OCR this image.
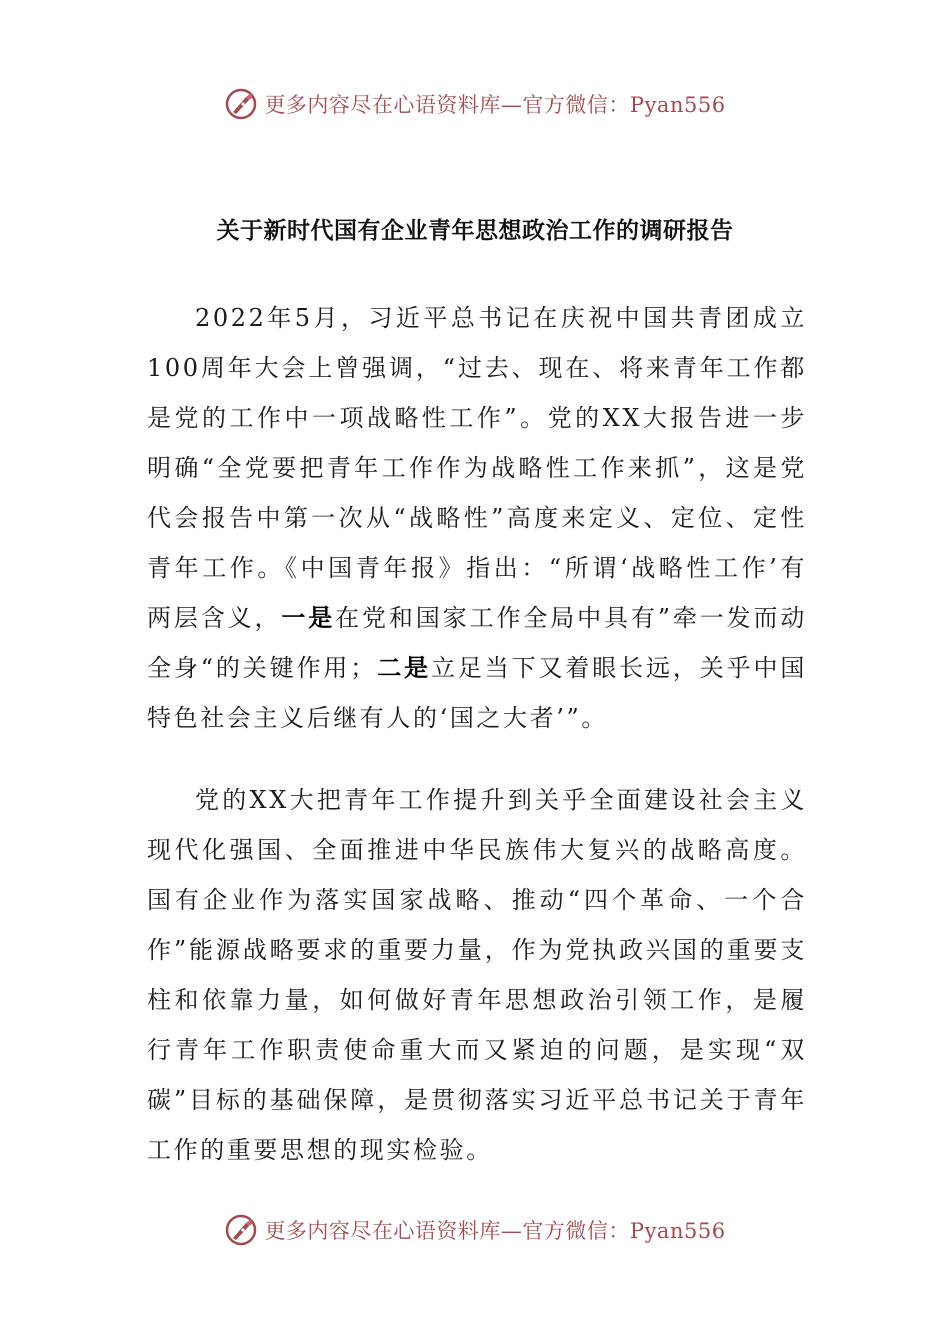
更多内容尽在心语资料库—官方微信：Pyan556
关于新时代国有企业青年思想政治工作的调研报告

2022年5月，习近平总书记在庆祝中国共青团成立100周年大会上曾强调，“过去、现在、将来青年工作都是党的工作中一项战略性工作”。党的XX大报告进一步明确“全党要把青年工作作为战略性工作来抓”，这是党代会报告中第一次从“战略性”高度来定义、定位、定性青年工作。《中国青年报》指出：“所谓‘战略性工作’有两层含义，一是在党和国家工作全局中具有”牵一发而动全身“的关键作用；二是立足当下又着眼长远，关乎中国特色社会主义后继有人的‘国之大者’”。

党的XX大把青年工作提升到关乎全面建设社会主义现代化强国、全面推进中华民族伟大复兴的战略高度。国有企业作为落实国家战略、推动“四个革命、一个合作”能源战略要求的重要力量，作为党执政兴国的重要支柱和依靠力量，如何做好青年思想政治引领工作，是履行青年工作职责使命重大而又紧迫的问题，是实现“双碳”目标的基础保障，是贯彻落实习近平总书记关于青年工作的重要思想的现实检验。

更多内容尽在心语资料库—官方微信：Pyan556
